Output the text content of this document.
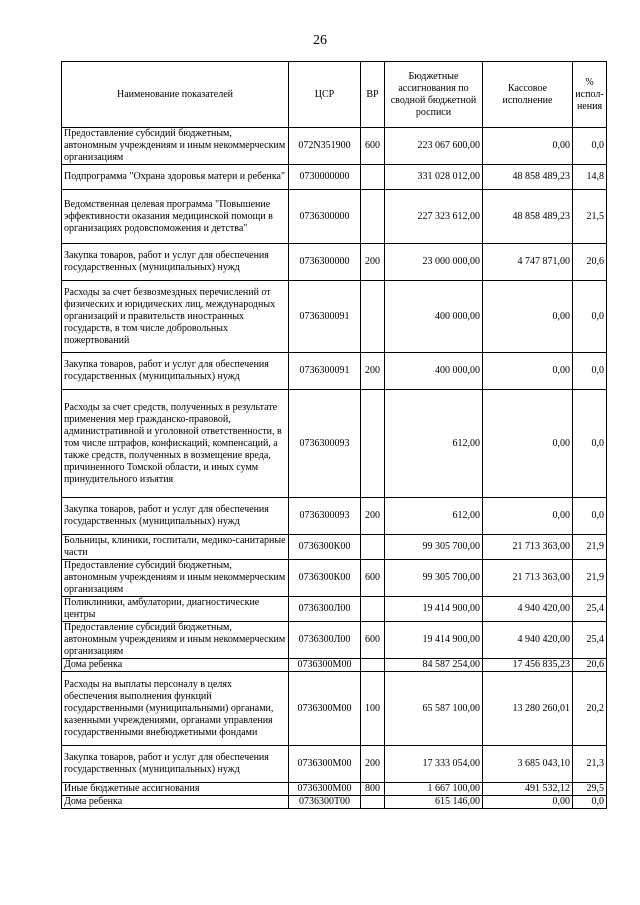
26
Наименование показателей	ЦСР	ВР	Бюджетные ассигнования по сводной бюджетной росписи	Кассовое исполнение	% испол-нения

Предоставление субсидий бюджетным, автономным учреждениям и иным некоммерческим организациям	072N351900	600	223 067 600,00	0,00	0,0

Подпрограмма "Охрана здоровья матери и ребенка"	0730000000		331 028 012,00	48 858 489,23	14,8

Ведомственная целевая программа "Повышение эффективности оказания медицинской помощи в организациях родовспоможения и детства"	0736300000		227 323 612,00	48 858 489,23	21,5

Закупка товаров, работ и услуг для обеспечения государственных (муниципальных) нужд	0736300000	200	23 000 000,00	4 747 871,00	20,6

Расходы за счет безвозмездных перечислений от физических и юридических лиц, международных организаций и правительств иностранных государств, в том числе добровольных пожертвований	0736300091		400 000,00	0,00	0,0

Закупка товаров, работ и услуг для обеспечения государственных (муниципальных) нужд	0736300091	200	400 000,00	0,00	0,0

Расходы за счет средств, полученных в результате применения мер гражданско-правовой, административной и уголовной ответственности, в том числе штрафов, конфискаций, компенсаций, а также средств, полученных в возмещение вреда, причиненного Томской области, и иных сумм принудительного изъятия	0736300093		612,00	0,00	0,0

Закупка товаров, работ и услуг для обеспечения государственных (муниципальных) нужд	0736300093	200	612,00	0,00	0,0

Больницы, клиники, госпитали, медико-санитарные части	0736300К00		99 305 700,00	21 713 363,00	21,9

Предоставление субсидий бюджетным, автономным учреждениям и иным некоммерческим организациям	0736300К00	600	99 305 700,00	21 713 363,00	21,9

Поликлиники, амбулатории, диагностические центры	0736300Л00		19 414 900,00	4 940 420,00	25,4

Предоставление субсидий бюджетным, автономным учреждениям и иным некоммерческим организациям	0736300Л00	600	19 414 900,00	4 940 420,00	25,4

Дома ребенка	0736300М00		84 587 254,00	17 456 835,23	20,6

Расходы на выплаты персоналу в целях обеспечения выполнения функций государственными (муниципальными) органами, казенными учреждениями, органами управления государственными внебюджетными фондами	0736300М00	100	65 587 100,00	13 280 260,01	20,2

Закупка товаров, работ и услуг для обеспечения государственных (муниципальных) нужд	0736300М00	200	17 333 054,00	3 685 043,10	21,3

Иные бюджетные ассигнования	0736300М00	800	1 667 100,00	491 532,12	29,5

Дома ребенка	0736300Т00		615 146,00	0,00	0,0
